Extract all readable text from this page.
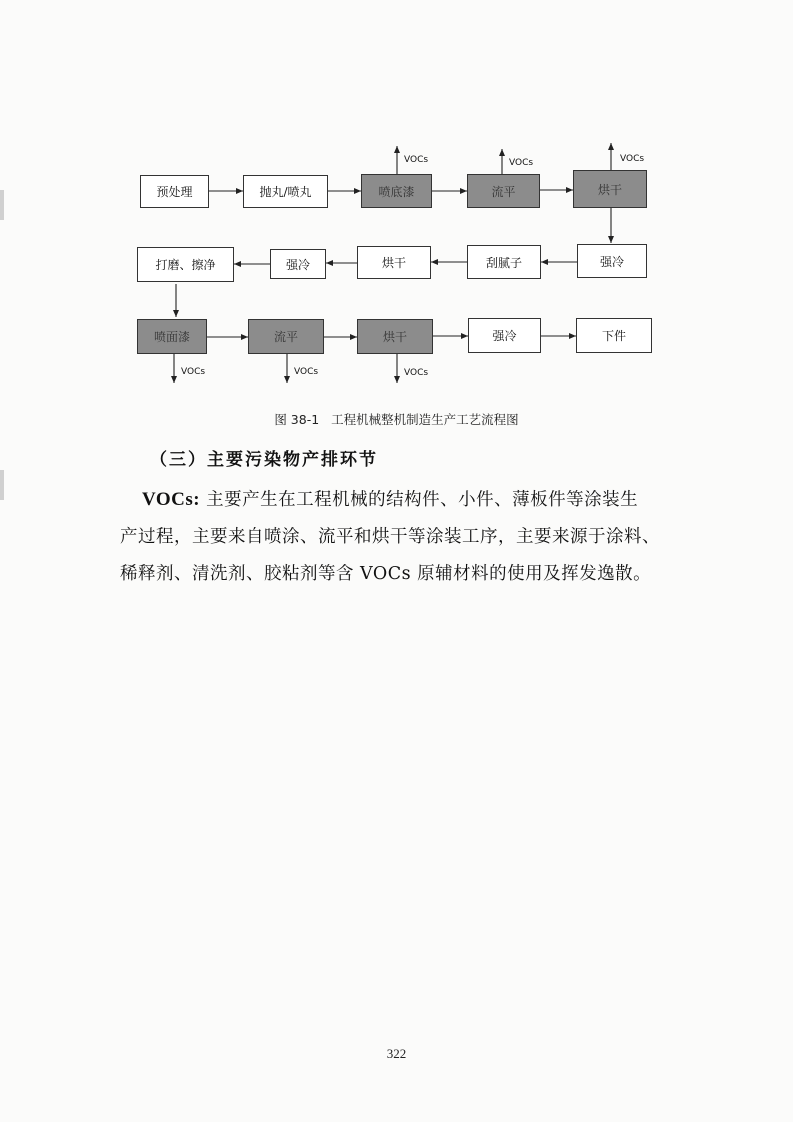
预处理	抛丸/喷丸	喷底漆	流平	烘干
打磨、擦净	强冷	烘干	刮腻子	强冷
喷面漆	流平	烘干	强冷	下件
VOCs	VOCs	VOCs
VOCs	VOCs	VOCs
图 38-1 工程机械整机制造生产工艺流程图
（三）主要污染物产排环节
VOCs: 主要产生在工程机械的结构件、小件、薄板件等涂装生
产过程，主要来自喷涂、流平和烘干等涂装工序，主要来源于涂料、
稀释剂、清洗剂、胶粘剂等含 VOCs 原辅材料的使用及挥发逸散。
322
